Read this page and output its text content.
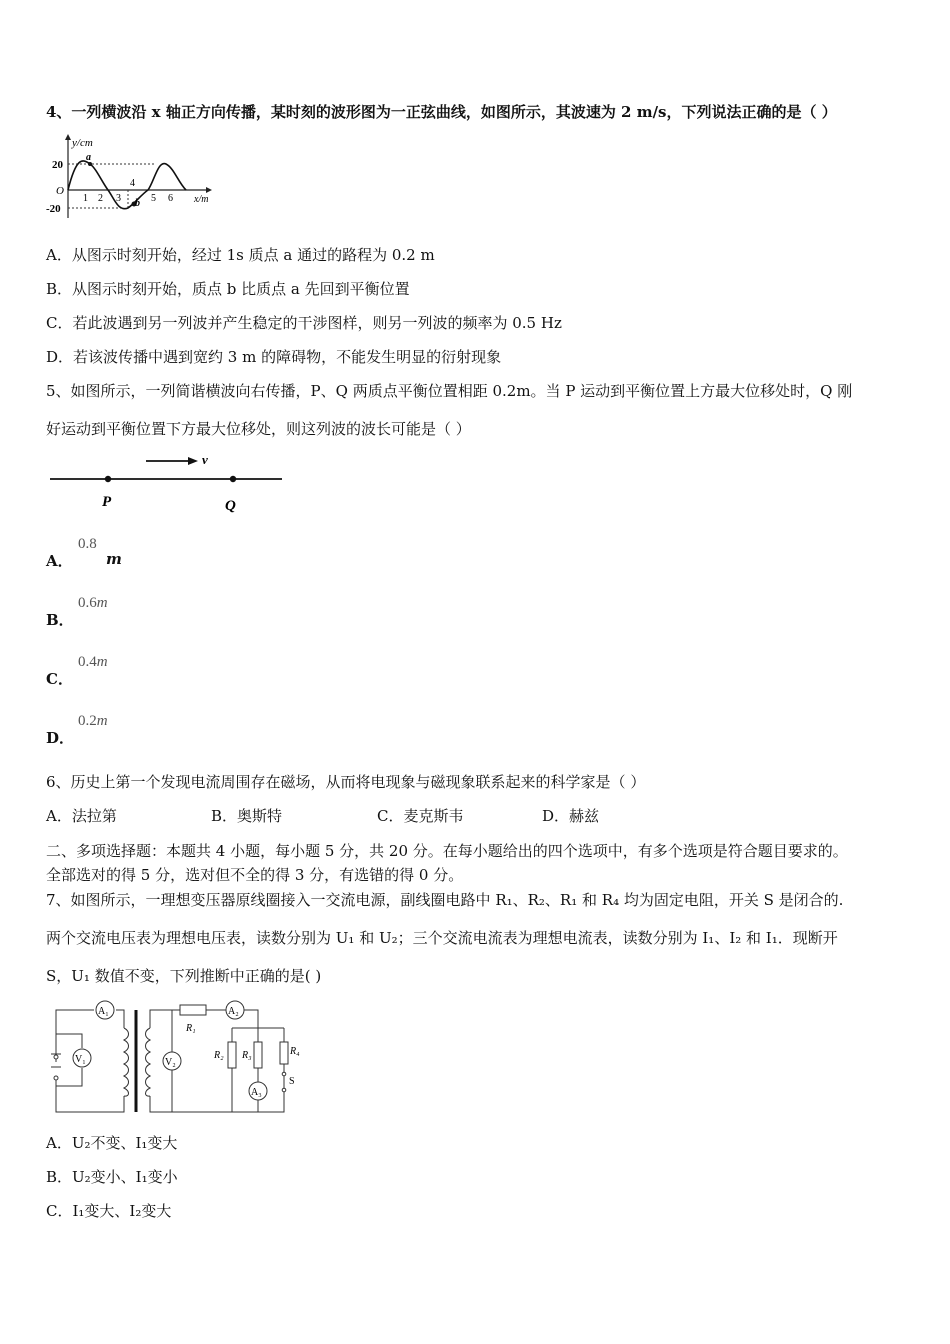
4、一列横波沿 x 轴正方向传播，某时刻的波形图为一正弦曲线，如图所示，其波速为 2 m/s，下列说法正确的是（ ）
y/cm
x/m
20
-20
O
a
b
1 2 3
4
5 6
A．从图示时刻开始，经过 1s 质点 a 通过的路程为 0.2 m
B．从图示时刻开始，质点 b 比质点 a 先回到平衡位置
C．若此波遇到另一列波并产生稳定的干涉图样，则另一列波的频率为 0.5 Hz
D．若该波传播中遇到宽约 3 m 的障碍物，不能发生明显的衍射现象
5、如图所示，一列简谐横波向右传播，P、Q 两质点平衡位置相距 0.2m。当 P 运动到平衡位置上方最大位移处时，Q 刚
好运动到平衡位置下方最大位移处，则这列波的波长可能是（ ）
v
P	Q
A．
0.8
m
B．
0.6m
C．
0.4m
D．
0.2m
6、历史上第一个发现电流周围存在磁场，从而将电现象与磁现象联系起来的科学家是（ ）
A．法拉第	B．奥斯特	C．麦克斯韦	D．赫兹
二、多项选择题：本题共 4 小题，每小题 5 分，共 20 分。在每小题给出的四个选项中，有多个选项是符合题目要求的。
全部选对的得 5 分，选对但不全的得 3 分，有选错的得 0 分。
7、如图所示，一理想变压器原线圈接入一交流电源，副线圈电路中 R₁、R₂、R₁ 和 R₄ 均为固定电阻，开关 S 是闭合的.
两个交流电压表为理想电压表，读数分别为 U₁ 和 U₂；三个交流电流表为理想电流表，读数分别为 I₁、I₂ 和 I₁．现断开
S，U₁ 数值不变，下列推断中正确的是( )
A₁
V₁
R₁
A₂
V₂
R₂ R₃
A₃
R₄
S
A．U₂不变、I₁变大
B．U₂变小、I₁变小
C．I₁变大、I₂变大
